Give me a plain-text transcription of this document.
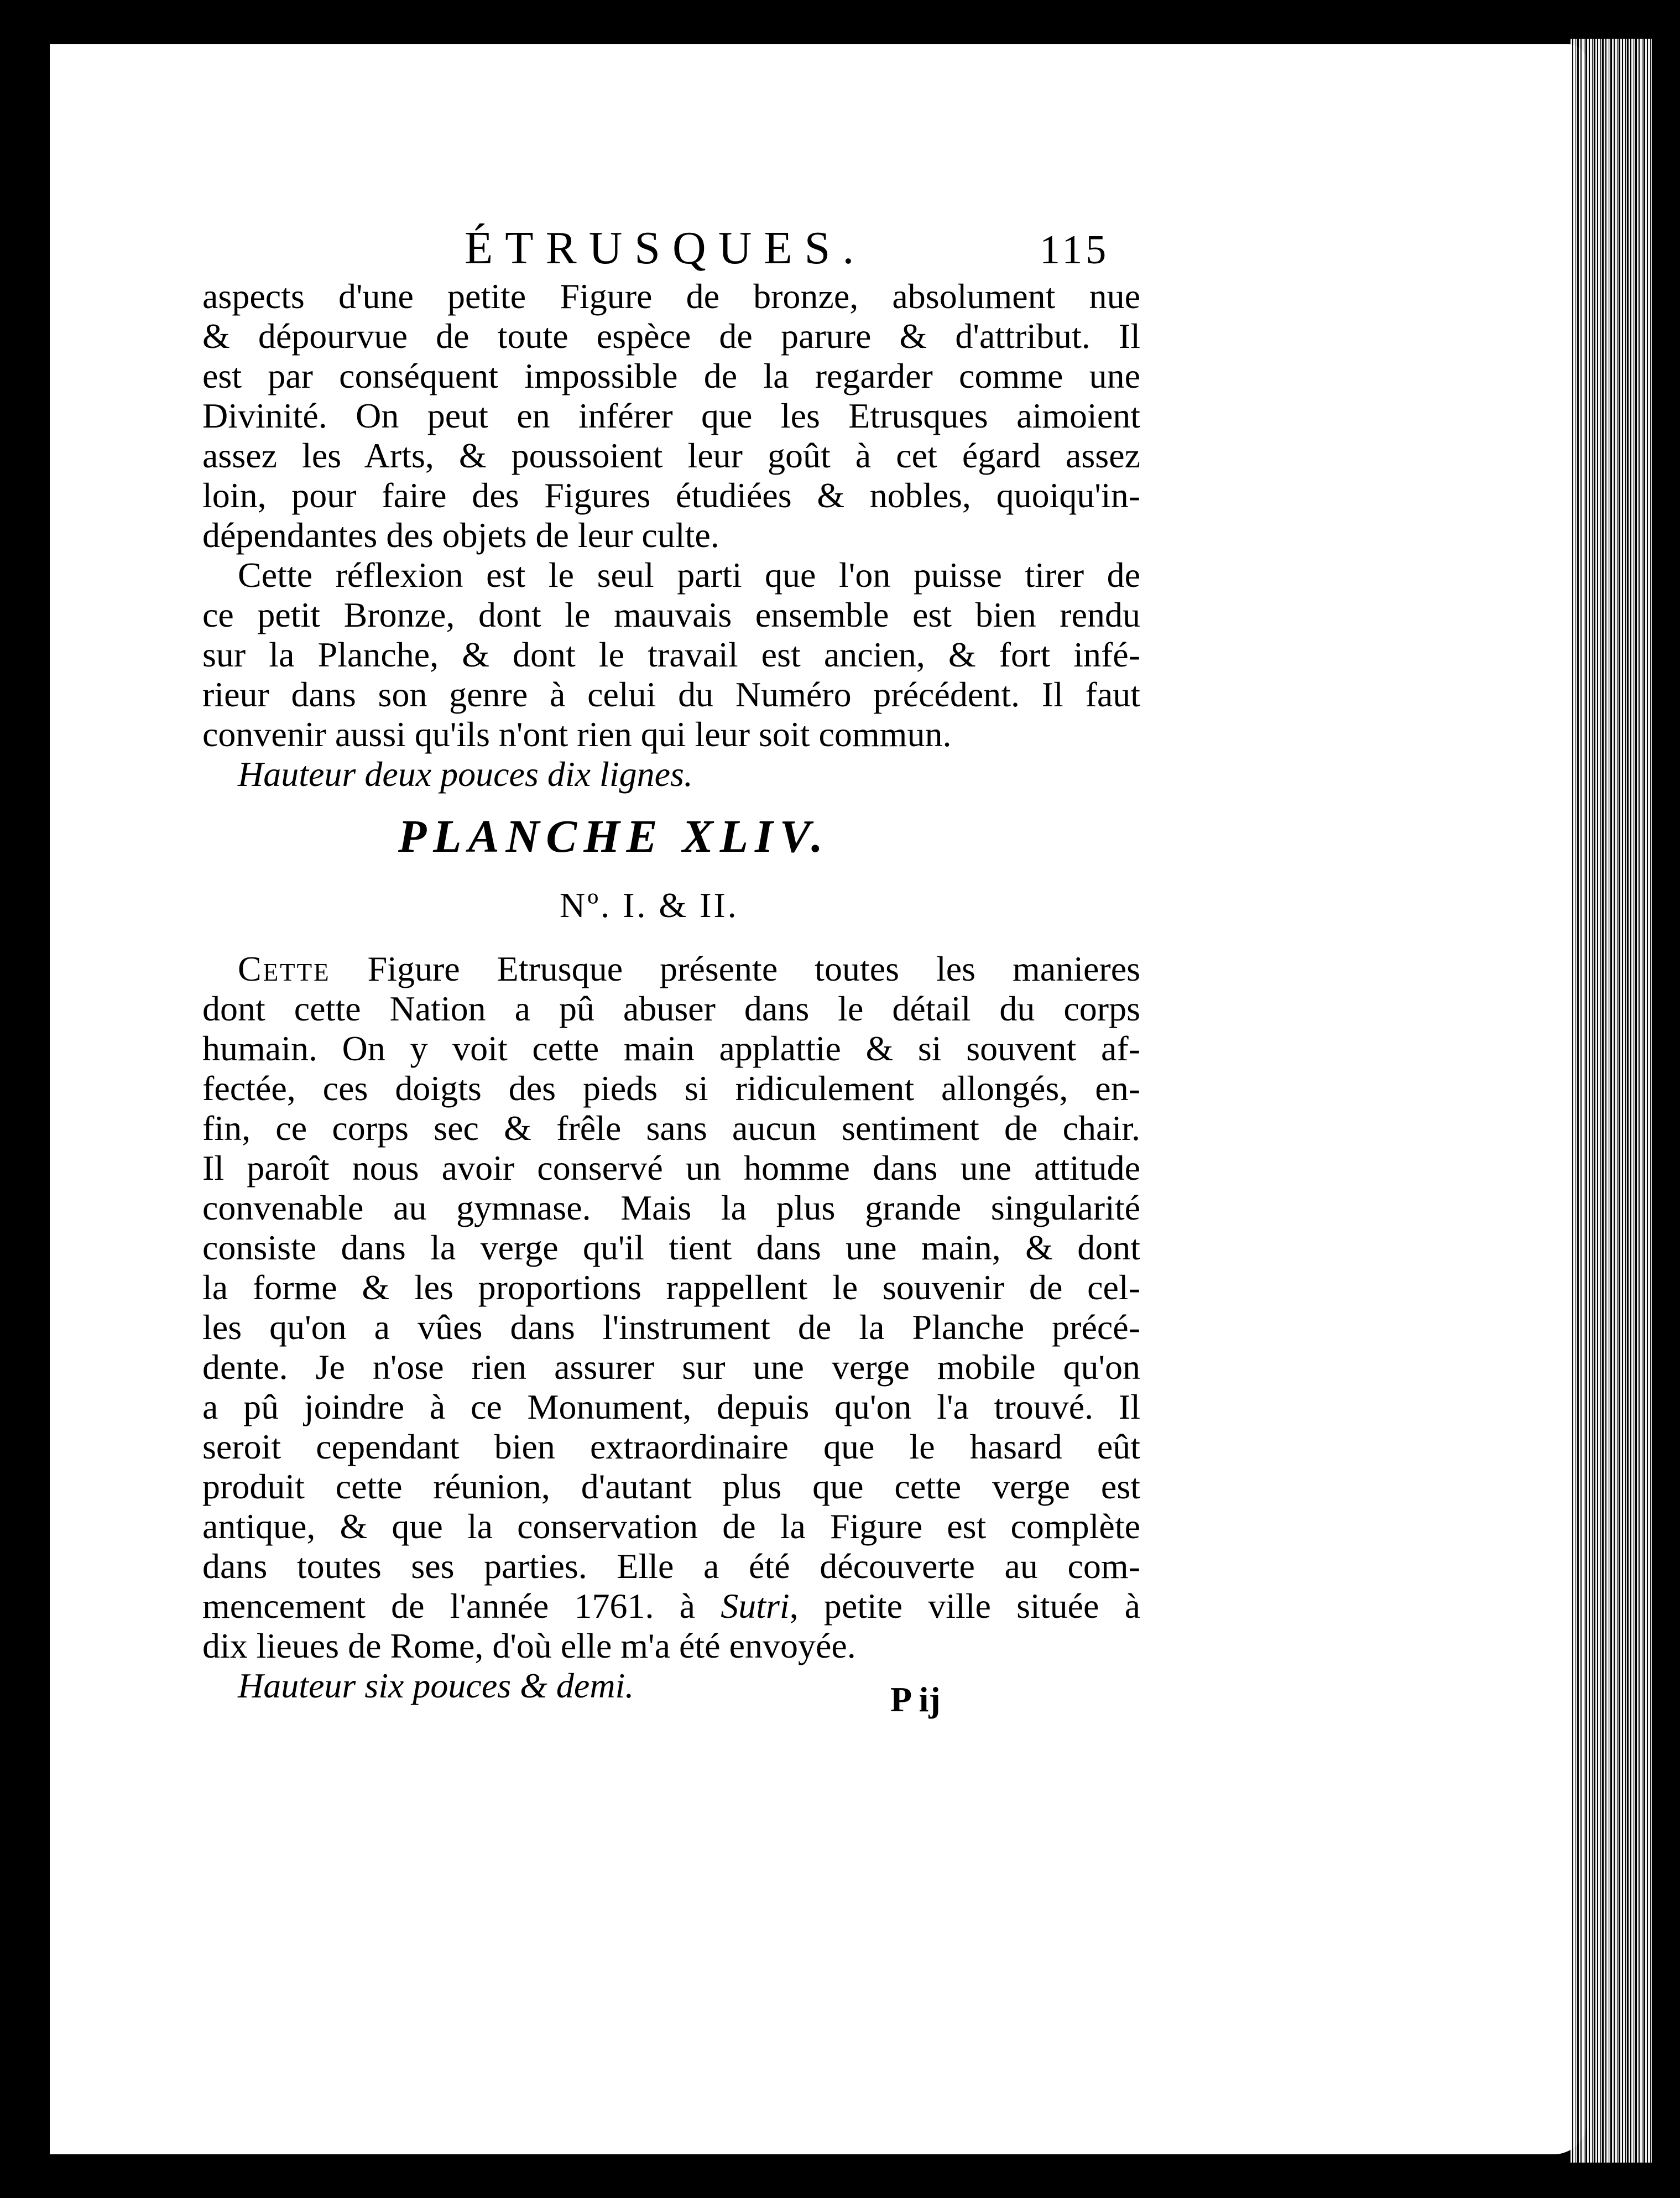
ÉTRUSQUES.	115
aspects d'une petite Figure de bronze, absolument nue
& dépourvue de toute espèce de parure & d'attribut. Il
est par conséquent impossible de la regarder comme une
Divinité. On peut en inférer que les Etrusques aimoient
assez les Arts, & poussoient leur goût à cet égard assez
loin, pour faire des Figures étudiées & nobles, quoiqu'in-
dépendantes des objets de leur culte.
Cette réflexion est le seul parti que l'on puisse tirer de
ce petit Bronze, dont le mauvais ensemble est bien rendu
sur la Planche, & dont le travail est ancien, & fort infé-
rieur dans son genre à celui du Numéro précédent. Il faut
convenir aussi qu'ils n'ont rien qui leur soit commun.
Hauteur deux pouces dix lignes.
PLANCHE XLIV.
Nº. I. & II.
Cette Figure Etrusque présente toutes les manieres
dont cette Nation a pû abuser dans le détail du corps
humain. On y voit cette main applattie & si souvent af-
fectée, ces doigts des pieds si ridiculement allongés, en-
fin, ce corps sec & frêle sans aucun sentiment de chair.
Il paroît nous avoir conservé un homme dans une attitude
convenable au gymnase. Mais la plus grande singularité
consiste dans la verge qu'il tient dans une main, & dont
la forme & les proportions rappellent le souvenir de cel-
les qu'on a vûes dans l'instrument de la Planche précé-
dente. Je n'ose rien assurer sur une verge mobile qu'on
a pû joindre à ce Monument, depuis qu'on l'a trouvé. Il
seroit cependant bien extraordinaire que le hasard eût
produit cette réunion, d'autant plus que cette verge est
antique, & que la conservation de la Figure est complète
dans toutes ses parties. Elle a été découverte au com-
mencement de l'année 1761. à Sutri, petite ville située à
dix lieues de Rome, d'où elle m'a été envoyée.
Hauteur six pouces & demi.	P ij
